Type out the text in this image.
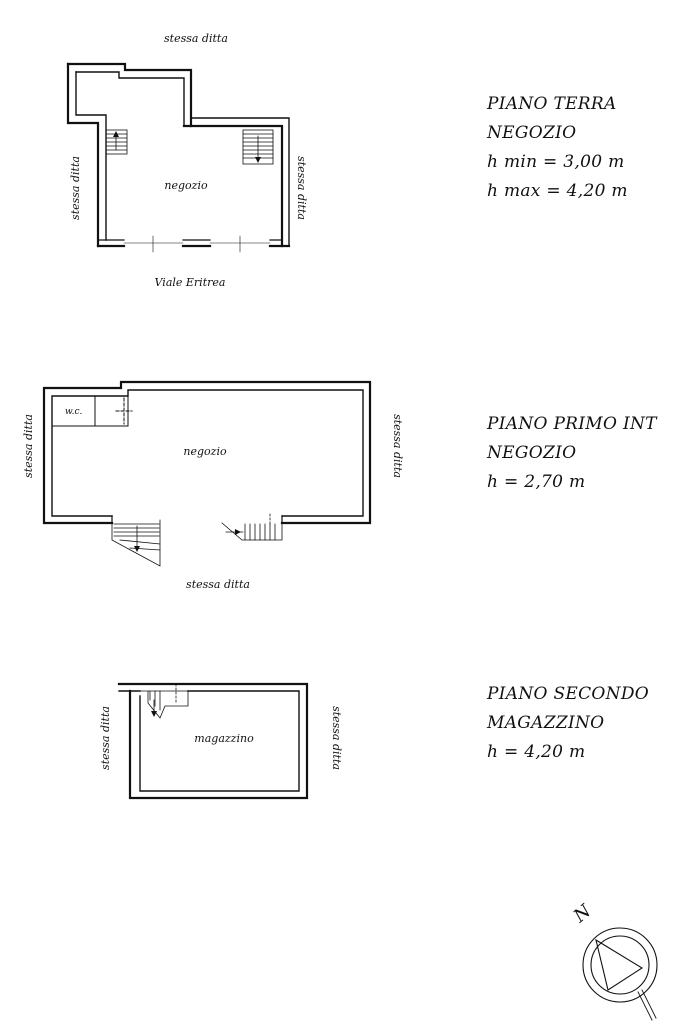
stessa ditta
stessa ditta	stessa ditta
negozio
Viale Eritrea
stessa ditta	stessa ditta
negozio
w.c.
stessa ditta
stessa ditta	stessa ditta
magazzino
N
PIANO TERRA
NEGOZIO
h min = 3,00 m
h max = 4,20 m
PIANO PRIMO INT
NEGOZIO
h = 2,70 m
PIANO SECONDO
MAGAZZINO
h = 4,20 m
